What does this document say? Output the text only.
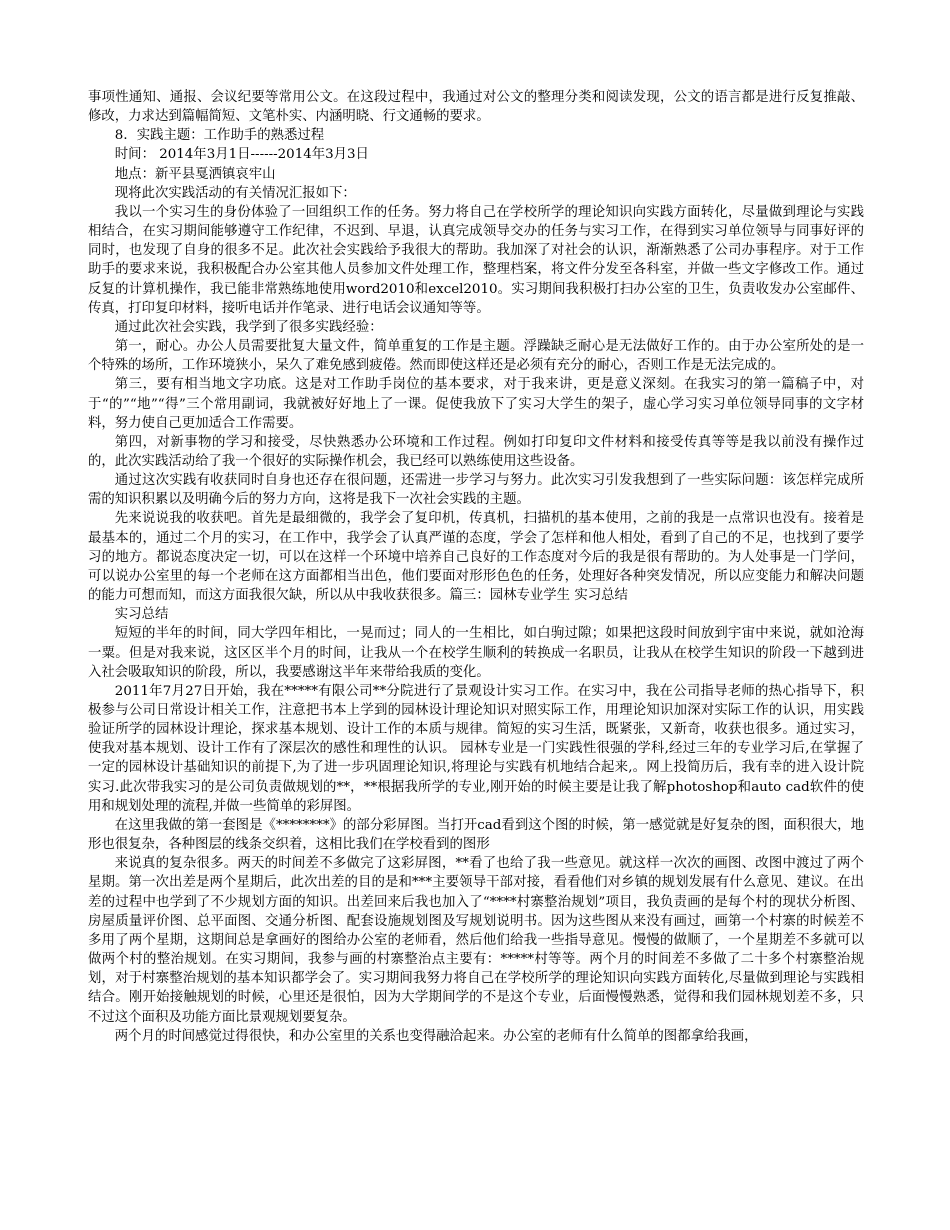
事项性通知、通报、会议纪要等常用公文。在这段过程中，我通过对公文的整理分类和阅读发现，公文的语言都是进行反复推敲、修改，力求达到篇幅简短、文笔朴实、内涵明晓、行文通畅的要求。

8．实践主题：工作助手的熟悉过程

时间： 2014年3月1日------2014年3月3日

地点：新平县戛洒镇哀牢山

现将此次实践活动的有关情况汇报如下：

我以一个实习生的身份体验了一回组织工作的任务。努力将自己在学校所学的理论知识向实践方面转化，尽量做到理论与实践相结合，在实习期间能够遵守工作纪律，不迟到、早退，认真完成领导交办的任务与实习工作，在得到实习单位领导与同事好评的同时，也发现了自身的很多不足。此次社会实践给予我很大的帮助。我加深了对社会的认识，渐渐熟悉了公司办事程序。对于工作助手的要求来说，我积极配合办公室其他人员参加文件处理工作，整理档案，将文件分发至各科室，并做一些文字修改工作。通过反复的计算机操作，我已能非常熟练地使用word2010和excel2010。实习期间我积极打扫办公室的卫生，负责收发办公室邮件、传真，打印复印材料，接听电话并作笔录、进行电话会议通知等等。

通过此次社会实践，我学到了很多实践经验：

第一，耐心。办公人员需要批复大量文件，简单重复的工作是主题。浮躁缺乏耐心是无法做好工作的。由于办公室所处的是一个特殊的场所，工作环境狭小，呆久了难免感到疲倦。然而即使这样还是必须有充分的耐心，否则工作是无法完成的。

第三，要有相当地文字功底。这是对工作助手岗位的基本要求，对于我来讲，更是意义深刻。在我实习的第一篇稿子中，对于“的”“地”“得”三个常用副词，我就被好好地上了一课。促使我放下了实习大学生的架子，虚心学习实习单位领导同事的文字材料，努力使自己更加适合工作需要。

第四，对新事物的学习和接受，尽快熟悉办公环境和工作过程。例如打印复印文件材料和接受传真等等是我以前没有操作过的，此次实践活动给了我一个很好的实际操作机会，我已经可以熟练使用这些设备。

通过这次实践有收获同时自身也还存在很问题，还需进一步学习与努力。此次实习引发我想到了一些实际问题：该怎样完成所需的知识积累以及明确今后的努力方向，这将是我下一次社会实践的主题。

先来说说我的收获吧。首先是最细微的，我学会了复印机，传真机，扫描机的基本使用，之前的我是一点常识也没有。接着是最基本的，通过二个月的实习，在工作中，我学会了认真严谨的态度，学会了怎样和他人相处，看到了自己的不足，也找到了要学习的地方。都说态度决定一切，可以在这样一个环境中培养自己良好的工作态度对今后的我是很有帮助的。为人处事是一门学问，可以说办公室里的每一个老师在这方面都相当出色，他们要面对形形色色的任务，处理好各种突发情况，所以应变能力和解决问题的能力可想而知，而这方面我很欠缺，所以从中我收获很多。篇三：园林专业学生 实习总结

实习总结

短短的半年的时间，同大学四年相比，一晃而过；同人的一生相比，如白驹过隙；如果把这段时间放到宇宙中来说，就如沧海一粟。但是对我来说，这区区半个月的时间，让我从一个在校学生顺利的转换成一名职员，让我从在校学生知识的阶段一下越到进入社会吸取知识的阶段，所以，我要感谢这半年来带给我质的变化。

2011年7月27日开始，我在*****有限公司**分院进行了景观设计实习工作。在实习中，我在公司指导老师的热心指导下，积极参与公司日常设计相关工作，注意把书本上学到的园林设计理论知识对照实际工作，用理论知识加深对实际工作的认识，用实践验证所学的园林设计理论，探求基本规划、设计工作的本质与规律。简短的实习生活，既紧张，又新奇，收获也很多。通过实习，使我对基本规划、设计工作有了深层次的感性和理性的认识。 园林专业是一门实践性很强的学科,经过三年的专业学习后,在掌握了一定的园林设计基础知识的前提下,为了进一步巩固理论知识,将理论与实践有机地结合起来,。网上投简历后，我有幸的进入设计院实习.此次带我实习的是公司负责做规划的**，**根据我所学的专业,刚开始的时候主要是让我了解photoshop和auto cad软件的使用和规划处理的流程,并做一些简单的彩屏图。

在这里我做的第一套图是《********》的部分彩屏图。当打开cad看到这个图的时候，第一感觉就是好复杂的图，面积很大，地形也很复杂，各种图层的线条交织着，这相比我们在学校看到的图形

来说真的复杂很多。两天的时间差不多做完了这彩屏图，**看了也给了我一些意见。就这样一次次的画图、改图中渡过了两个星期。第一次出差是两个星期后，此次出差的目的是和***主要领导干部对接，看看他们对乡镇的规划发展有什么意见、建议。在出差的过程中也学到了不少规划方面的知识。出差回来后我也加入了“****村寨整治规划”项目，我负责画的是每个村的现状分析图、房屋质量评价图、总平面图、交通分析图、配套设施规划图及写规划说明书。因为这些图从来没有画过，画第一个村寨的时候差不多用了两个星期，这期间总是拿画好的图给办公室的老师看，然后他们给我一些指导意见。慢慢的做顺了，一个星期差不多就可以做两个村的整治规划。在实习期间，我参与画的村寨整治点主要有：*****村等等。两个月的时间差不多做了二十多个村寨整治规划，对于村寨整治规划的基本知识都学会了。实习期间我努力将自己在学校所学的理论知识向实践方面转化,尽量做到理论与实践相结合。刚开始接触规划的时候，心里还是很怕，因为大学期间学的不是这个专业，后面慢慢熟悉，觉得和我们园林规划差不多，只不过这个面积及功能方面比景观规划要复杂。

两个月的时间感觉过得很快，和办公室里的关系也变得融洽起来。办公室的老师有什么简单的图都拿给我画，
